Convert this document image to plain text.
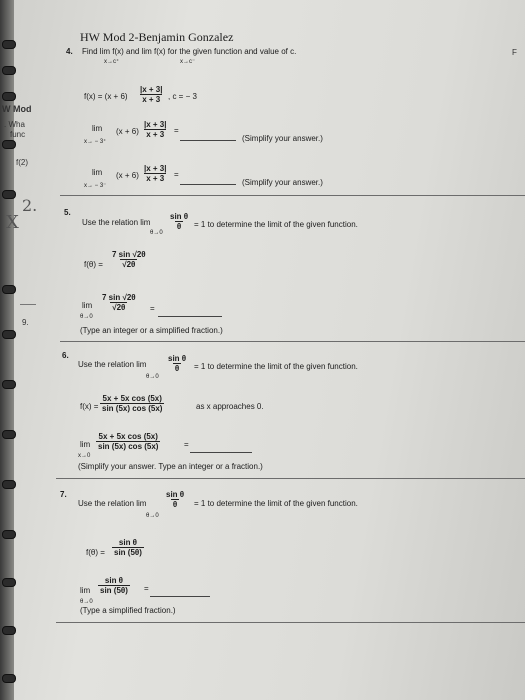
W Mod
. Wha
func
f(2)
9.
F
2.
X
HW Mod 2-Benjamin Gonzalez
4. Find lim f(x) and lim f(x) for the given function and value of c.
x→c⁺	x→c⁻
$f(x) = (x + 6) \frac{|x + 3|}{x + 3}$ , c = − 3
lim
x→ − 3⁺
$(x + 6) \frac{|x + 3|}{x + 3}$ =
(Simplify your answer.)
lim
x→ − 3⁻
$(x + 6) \frac{|x + 3|}{x + 3}$ =
(Simplify your answer.)
5.
Use the relation lim
θ→0
$\frac{\text{sin θ}}{\theta} = 1$ to determine the limit of the given function.
$f(\theta) = \frac{7 \sin √2\theta}{√2\theta}$
lim
θ→0
$\frac{7 \sin √2\theta}{√2\theta}$ =
(Type an integer or a simplified fraction.)
6.
Use the relation lim
θ→0
$\frac{\text{sin θ}}{\theta} = 1$ to determine the limit of the given function.
$f(x) = \frac{\text{5x + 5x cos (5x)}}{\sin (5x) \cos (5x)}$	as x approaches 0.
lim
x→0
$\frac{\text{5x + 5x cos (5x)}}{\sin (5x) \cos (5x)}$	=
(Simplify your answer. Type an integer or a fraction.)
7.
Use the relation lim
θ→0
$\frac{\text{sin θ}}{\theta} = 1$ to determine the limit of the given function.
$f(\theta) = \frac{\text{sin θ}}{\sin (5\theta)}$
lim
θ→0
$\frac{\text{sin θ}}{\sin (5\theta)}$ =
(Type a simplified fraction.)
